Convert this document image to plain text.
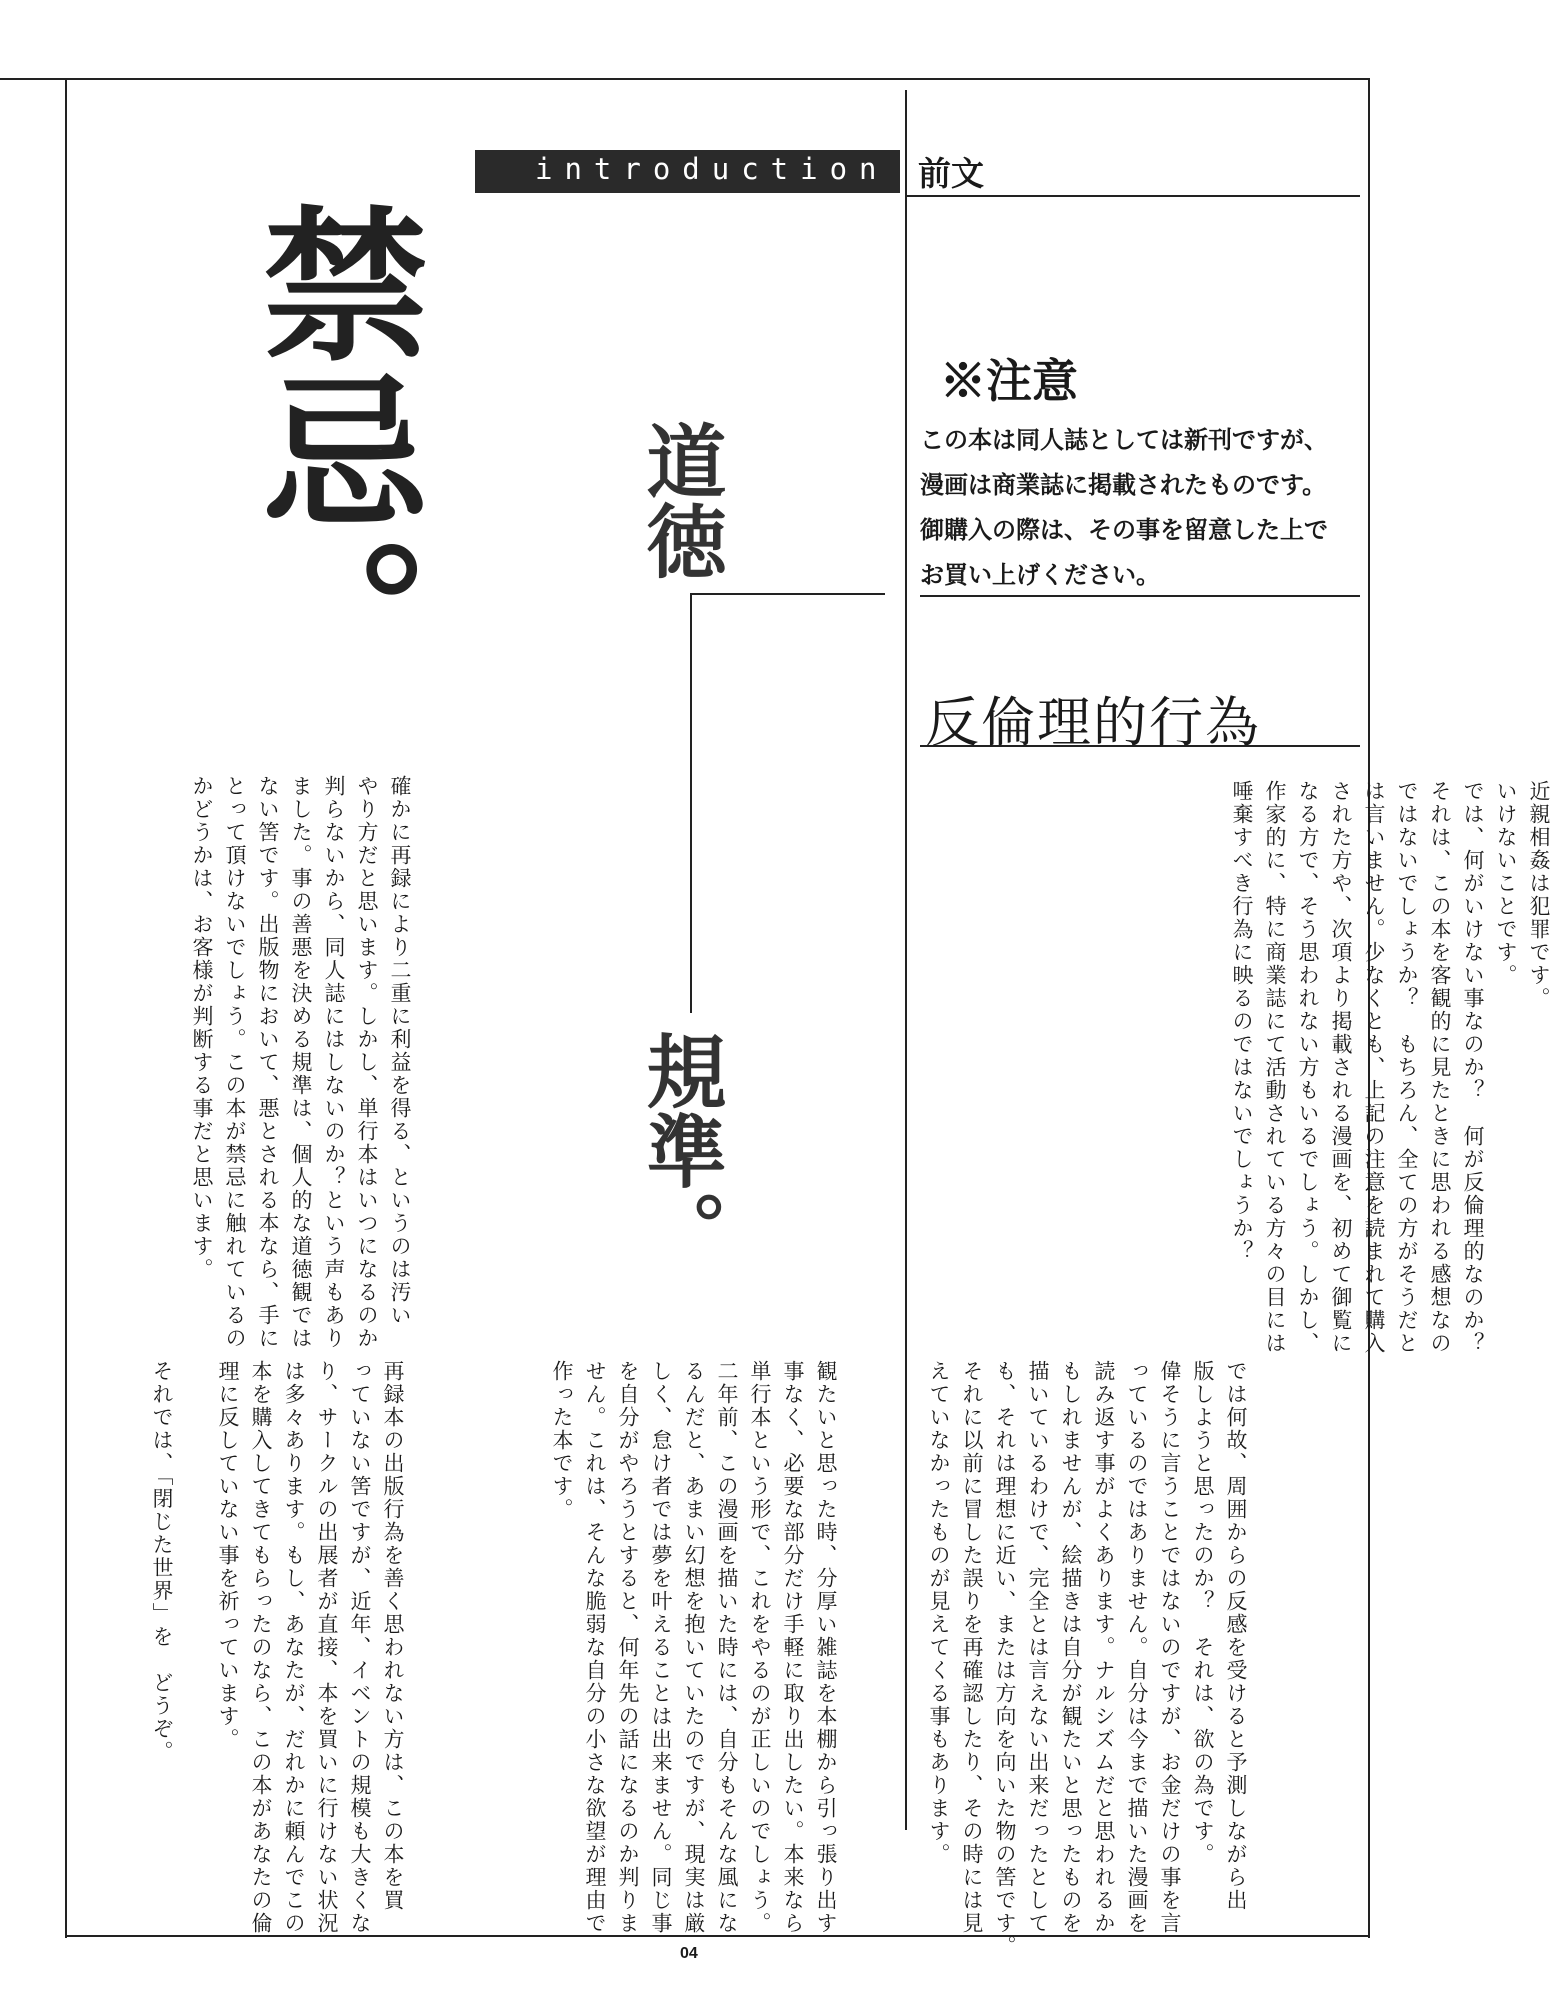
introduction 前文
禁忌。	道徳
規準。
※注意
この本は同人誌としては新刊ですが、
漫画は商業誌に掲載されたものです。
御購入の際は、その事を留意した上で
お買い上げください。
反倫理的行為
近親相姦は犯罪です。
いけないことです。
では、何がいけない事なのか？　何が反倫理的なのか？
それは、この本を客観的に見たときに思われる感想なの
ではないでしょうか？　もちろん、全ての方がそうだと
は言いません。少なくとも、上記の注意を読まれて購入
された方や、次項より掲載される漫画を、初めて御覧に
なる方で、そう思われない方もいるでしょう。しかし、
作家的に、特に商業誌にて活動されている方々の目には
唾棄すべき行為に映るのではないでしょうか？
では何故、周囲からの反感を受けると予測しながら出
版しようと思ったのか？　それは、欲の為です。
偉そうに言うことではないのですが、お金だけの事を言
っているのではありません。自分は今まで描いた漫画を
読み返す事がよくあります。ナルシズムだと思われるか
もしれませんが、絵描きは自分が観たいと思ったものを
描いているわけで、完全とは言えない出来だったとして
も、それは理想に近い、または方向を向いた物の筈です。
それに以前に冒した誤りを再確認したり、その時には見
えていなかったものが見えてくる事もあります。
観たいと思った時、分厚い雑誌を本棚から引っ張り出す
事なく、必要な部分だけ手軽に取り出したい。本来なら
単行本という形で、これをやるのが正しいのでしょう。
二年前、この漫画を描いた時には、自分もそんな風にな
るんだと、あまい幻想を抱いていたのですが、現実は厳
しく、怠け者では夢を叶えることは出来ません。同じ事
を自分がやろうとすると、何年先の話になるのか判りま
せん。これは、そんな脆弱な自分の小さな欲望が理由で
作った本です。
確かに再録により二重に利益を得る、というのは汚い
やり方だと思います。しかし、単行本はいつになるのか
判らないから、同人誌にはしないのか？という声もあり
ました。事の善悪を決める規準は、個人的な道徳観では
ない筈です。出版物において、悪とされる本なら、手に
とって頂けないでしょう。この本が禁忌に触れているの
かどうかは、お客様が判断する事だと思います。
再録本の出版行為を善く思われない方は、この本を買
っていない筈ですが、近年、イベントの規模も大きくな
り、サークルの出展者が直接、本を買いに行けない状況
は多々あります。もし、あなたが、だれかに頼んでこの
本を購入してきてもらったのなら、この本があなたの倫
理に反していない事を祈っています。

それでは、「閉じた世界」を　どうぞ。
04
